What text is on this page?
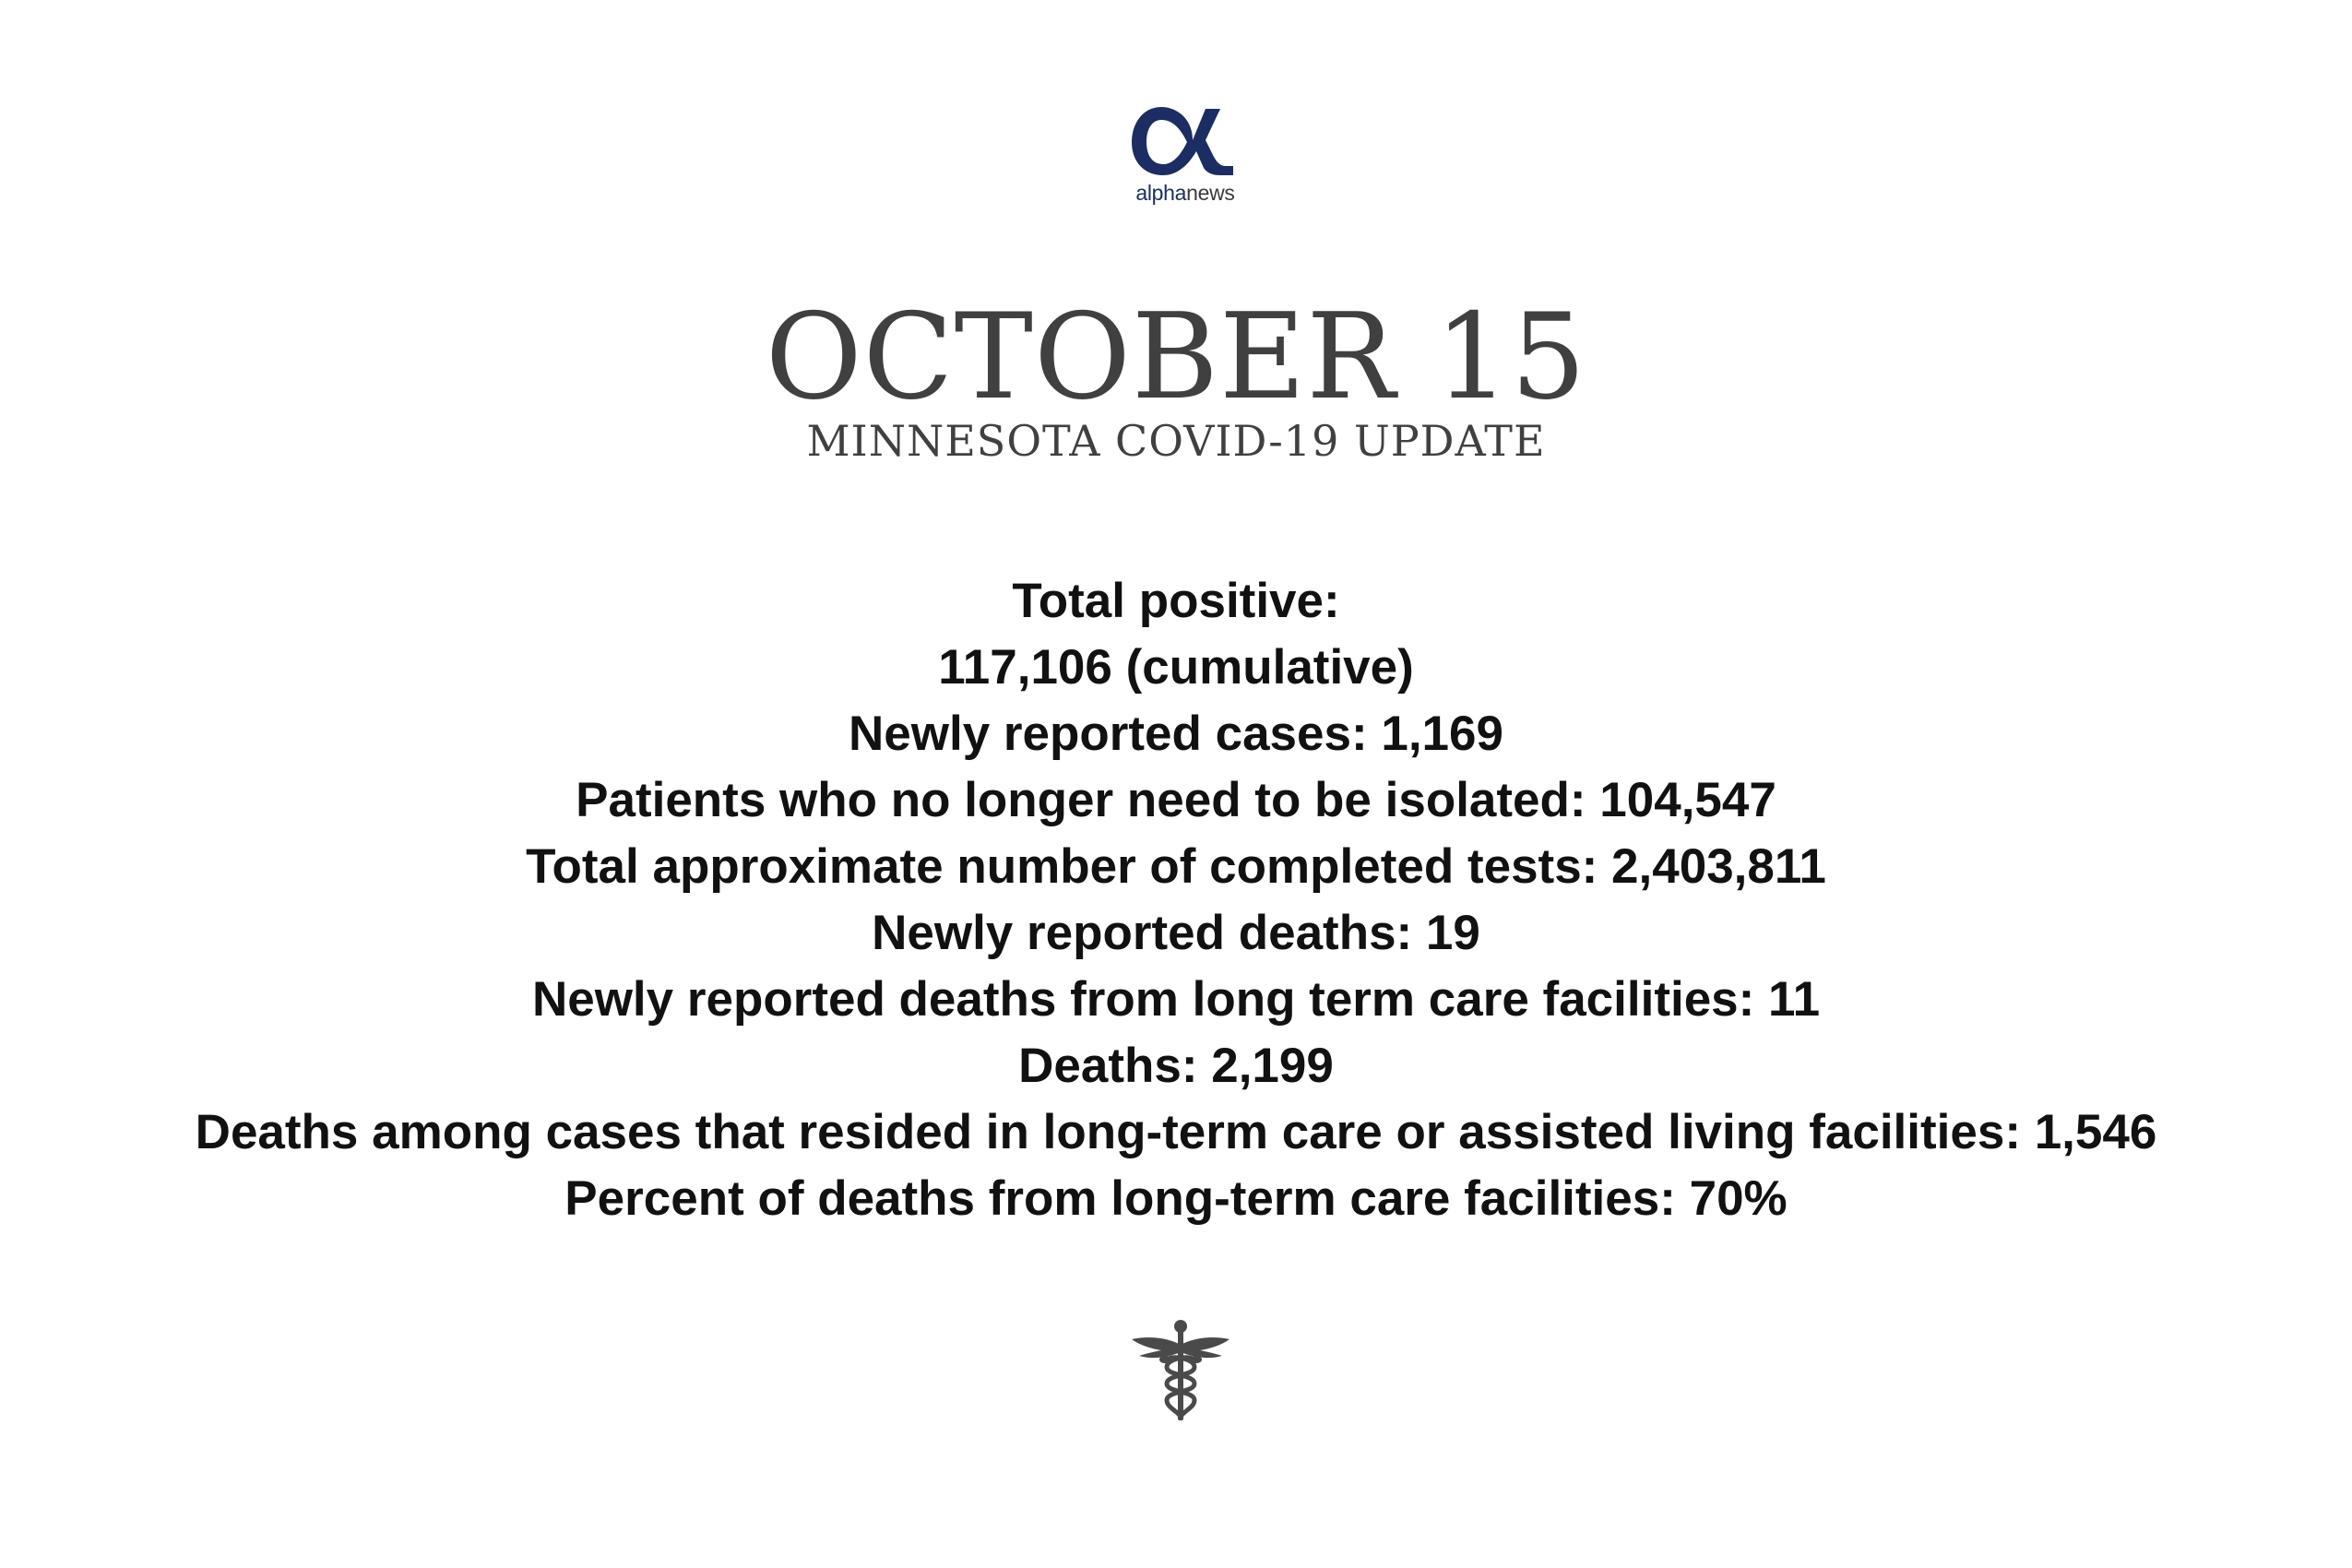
alphanews
OCTOBER 15
MINNESOTA COVID-19 UPDATE
Total positive:
117,106 (cumulative)
Newly reported cases: 1,169
Patients who no longer need to be isolated: 104,547
Total approximate number of completed tests: 2,403,811
Newly reported deaths: 19
Newly reported deaths from long term care facilities: 11
Deaths: 2,199
Deaths among cases that resided in long-term care or assisted living facilities: 1,546
Percent of deaths from long-term care facilities: 70%
